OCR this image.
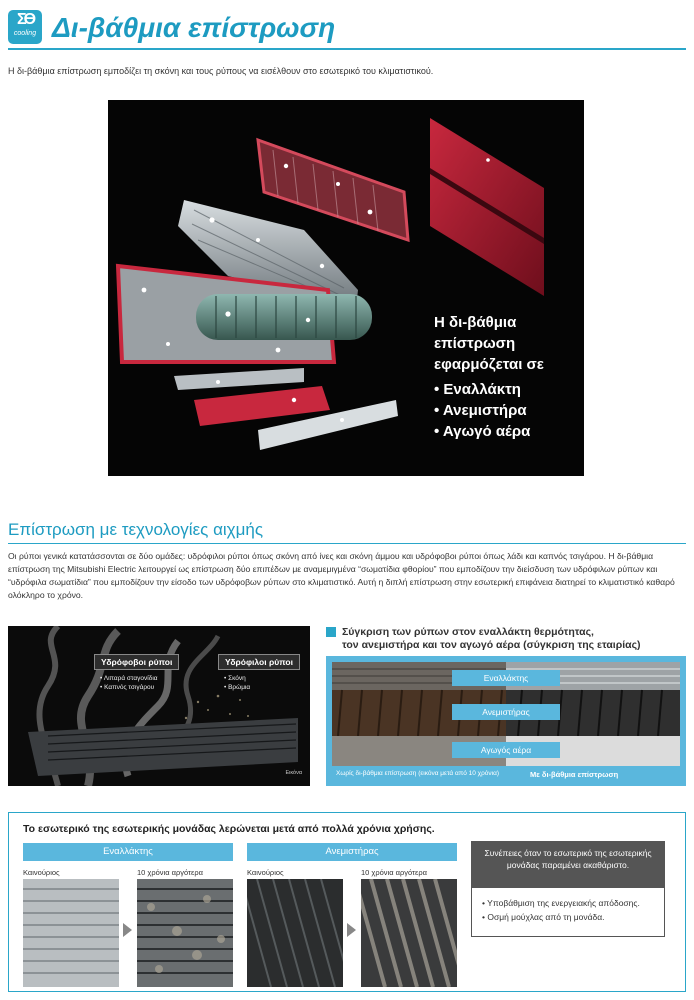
ƩƟ
cooling Δι-βάθμια επίστρωση
Η δι-βάθμια επίστρωση εμποδίζει τη σκόνη και τους ρύπους να εισέλθουν στο εσωτερικό του κλιματιστικού.
Η δι-βάθμια
επίστρωση
εφαρμόζεται σε
• Εναλλάκτη
• Ανεμιστήρα
• Αγωγό αέρα
Επίστρωση με τεχνολογίες αιχμής
Οι ρύποι γενικά κατατάσσονται σε δύο ομάδες: υδρόφιλοι ρύποι όπως σκόνη από ίνες και σκόνη άμμου και υδρόφοβοι ρύποι όπως λάδι και καπνός τσιγάρου. Η δι-βάθμια επίστρωση της Mitsubishi Electric λειτουργεί ως επίστρωση δύο επιπέδων με αναμεμιγμένα “σωματίδια φθορίου” που εμποδίζουν την διείσδυση των υδρόφιλων ρύπων και “υδρόφιλα σωματίδια” που εμποδίζουν την είσοδο των υδρόφοβων ρύπων στο κλιματιστικό. Αυτή η διπλή επίστρωση στην εσωτερική επιφάνεια διατηρεί το κλιματιστικό καθαρό ολόκληρο το χρόνο.
Υδρόφοβοι ρύποι
• Λιπαρά σταγονίδια
• Καπνός τσιγάρου
Υδρόφιλοι ρύποι
• Σκόνη
• Βρώμια
Εικόνα
Σύγκριση των ρύπων στον εναλλάκτη θερμότητας,
τον ανεμιστήρα και τον αγωγό αέρα (σύγκριση της εταιρίας)
Εναλλάκτης
Ανεμιστήρας
Αγωγός αέρα
Χωρίς δι-βάθμια επίστρωση (εικόνα μετά από 10 χρόνια)	Με δι-βάθμια επίστρωση
Το εσωτερικό της εσωτερικής μονάδας λερώνεται μετά από πολλά χρόνια χρήσης.
Εναλλάκτης	Ανεμιστήρας
Καινούριος	10 χρόνια αργότερα	Καινούριος	10 χρόνια αργότερα
Συνέπειες όταν το εσωτερικό της εσωτερικής μονάδας παραμένει ακαθάριστο.
• Υποβάθμιση της ενεργειακής απόδοσης.
• Οσμή μούχλας από τη μονάδα.
